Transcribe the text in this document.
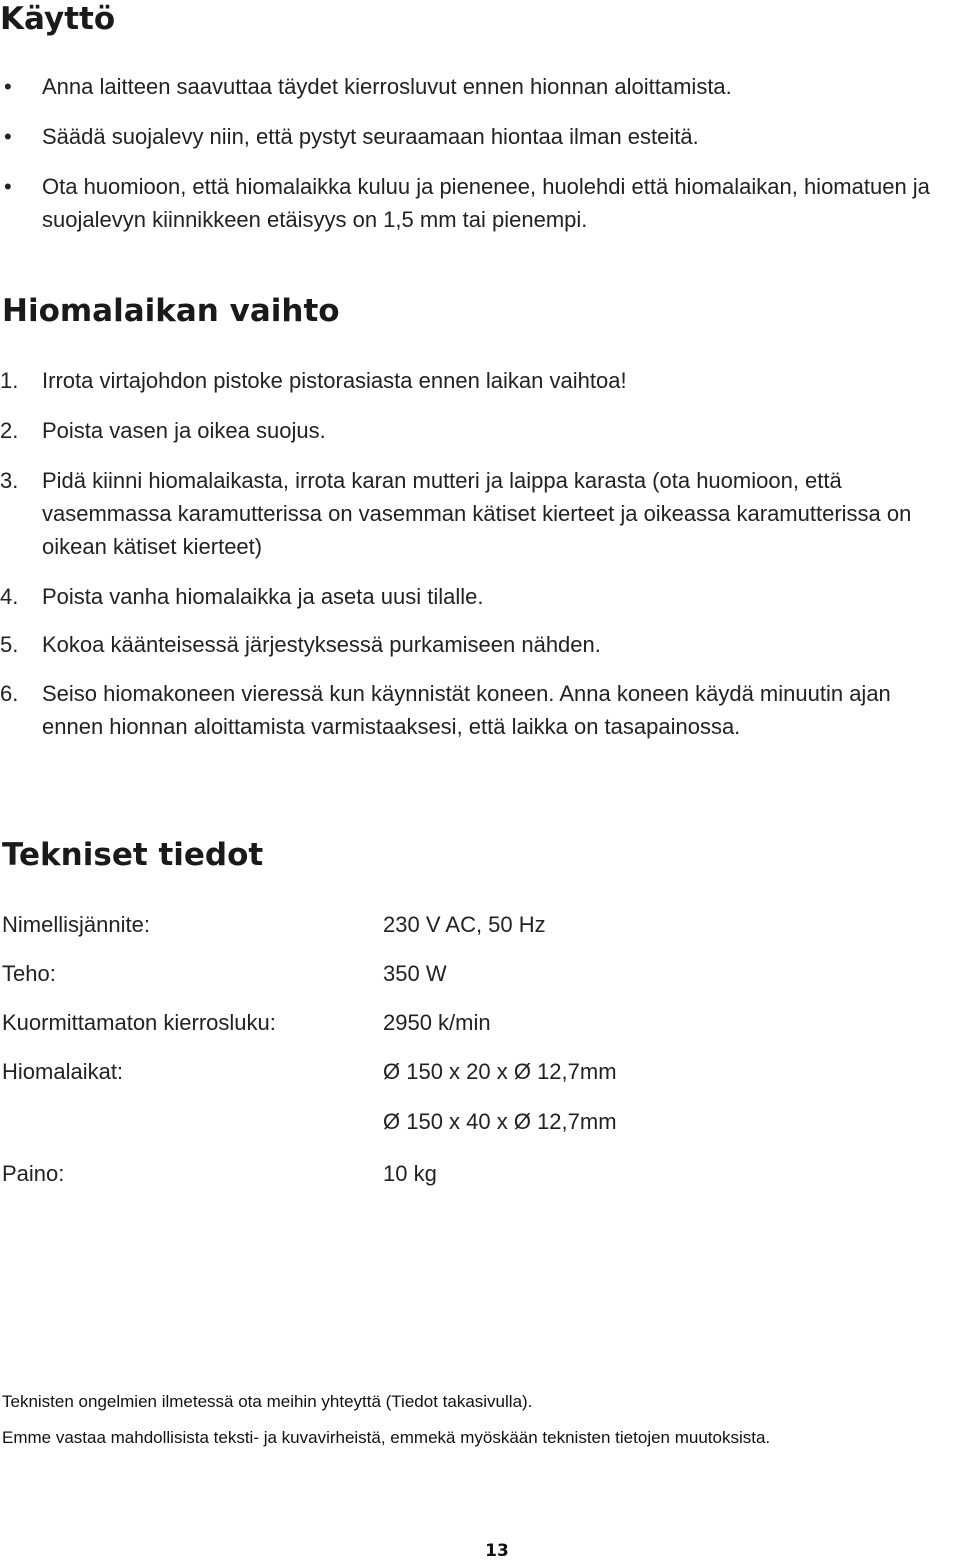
Käyttö
• Anna laitteen saavuttaa täydet kierrosluvut ennen hionnan aloittamista.
• Säädä suojalevy niin, että pystyt seuraamaan hiontaa ilman esteitä.
• Ota huomioon, että hiomalaikka kuluu ja pienenee, huolehdi että hiomalaikan, hiomatuen ja suojalevyn kiinnikkeen etäisyys on 1,5 mm tai pienempi.
Hiomalaikan vaihto
1.	Irrota virtajohdon pistoke pistorasiasta ennen laikan vaihtoa!
2.	Poista vasen ja oikea suojus.
3.	Pidä kiinni hiomalaikasta, irrota karan mutteri ja laippa karasta (ota huomioon, että vasemmassa karamutterissa on vasemman kätiset kierteet ja oikeassa karamutterissa on oikean kätiset kierteet)
4.	Poista vanha hiomalaikka ja aseta uusi tilalle.
5.	Kokoa käänteisessä järjestyksessä purkamiseen nähden.
6.	Seiso hiomakoneen vieressä kun käynnistät koneen. Anna koneen käydä minuutin ajan ennen hionnan aloittamista varmistaaksesi, että laikka on tasapainossa.
Tekniset tiedot
Nimellisjännite:	230 V AC, 50 Hz
Teho:	350 W
Kuormittamaton kierrosluku:	2950 k/min
Hiomalaikat:	Ø 150 x 20 x Ø 12,7mm
Ø 150 x 40 x Ø 12,7mm
Paino:	10 kg
Teknisten ongelmien ilmetessä ota meihin yhteyttä (Tiedot takasivulla).
Emme vastaa mahdollisista teksti- ja kuvavirheistä, emmekä myöskään teknisten tietojen muutoksista.
13
